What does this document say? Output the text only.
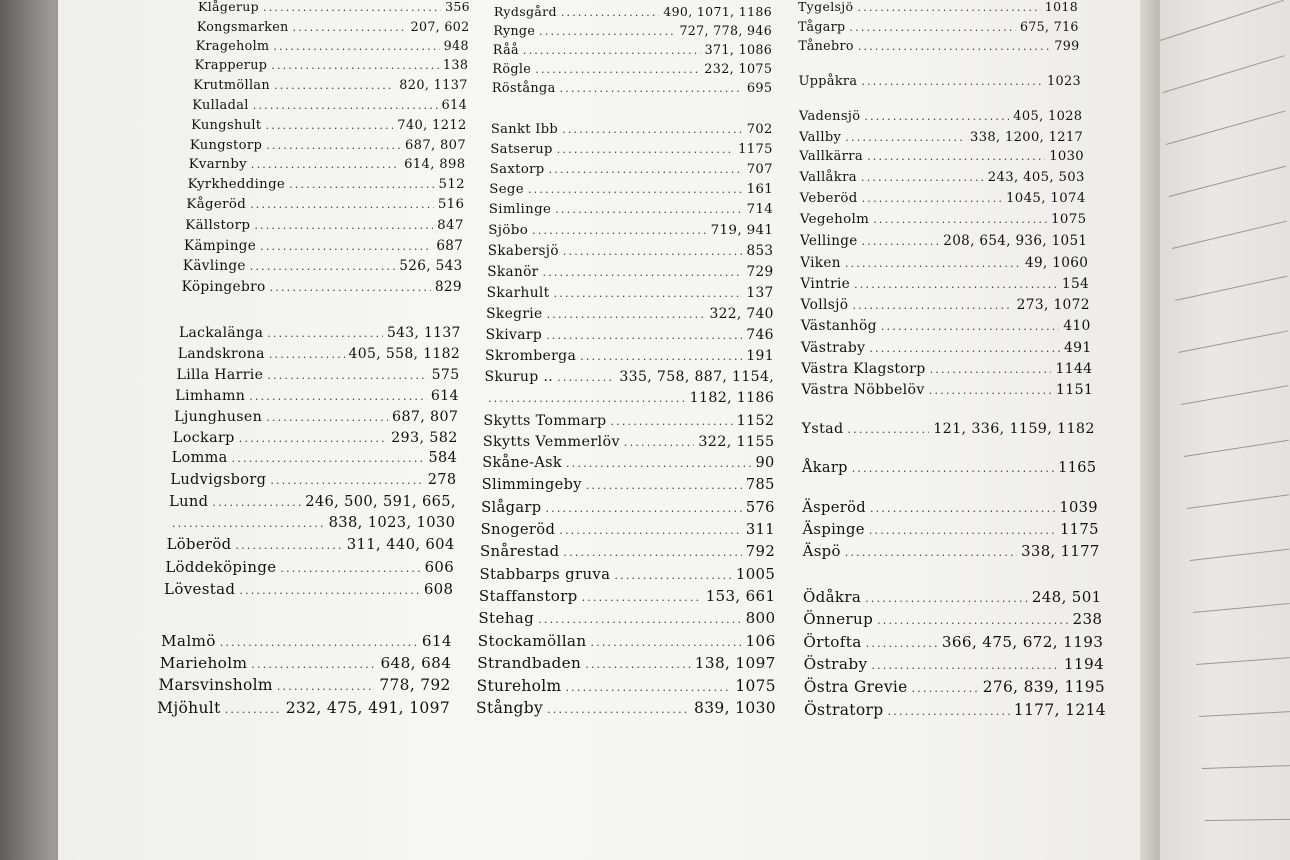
Klågerup .....	356
Kongsmarken .....	207, 602
Krageholm .....	948
Krapperup .....	138
Krutmöllan .....	820, 1137
Kulladal .....	614
Kungshult .....	740, 1212
Kungstorp .....	687, 807
Kvarnby .....	614, 898
Kyrkheddinge .....	512
Kågeröd .....	516
Källstorp .....	847
Kämpinge .....	687
Kävlinge .....	526, 543
Köpingebro .....	829
Lackalänga .....	543, 1137
Landskrona .....	405, 558, 1182
Lilla Harrie .....	575
Limhamn .....	614
Ljunghusen .....	687, 807
Lockarp .....	293, 582
Lomma .....	584
Ludvigsborg .....	278
Lund .....	246, 500, 591, 665,
.....
838, 1023, 1030
Löberöd .....	311, 440, 604
Löddeköpinge .....	606
Lövestad .....	608
Malmö .....	614
Marieholm .....	648, 684
Marsvinsholm .....	778, 792
Mjöhult .....	232, 475, 491, 1097
Rydsgård .....	490, 1071, 1186
Rynge .....	727, 778, 946
Råå .....	371, 1086
Rögle .....	232, 1075
Röstånga .....	695
Sankt Ibb .....	702
Satserup .....	1175
Saxtorp .....	707
Sege .....	161
Simlinge .....	714
Sjöbo .....	719, 941
Skabersjö .....	853
Skanör .....	729
Skarhult .....	137
Skegrie .....	322, 740
Skivarp .....	746
Skromberga .....	191
Skurup .. .....	335, 758, 887, 1154,
.....
1182, 1186
Skytts Tommarp .....	1152
Skytts Vemmerlöv .....	322, 1155
Skåne-Ask .....	90
Slimmingeby .....	785
Slågarp .....	576
Snogeröd .....	311
Snårestad .....	792
Stabbarps gruva .....	1005
Staffanstorp .....	153, 661
Stehag .....	800
Stockamöllan .....	106
Strandbaden .....	138, 1097
Stureholm .....	1075
Stångby .....	839, 1030
Tygelsjö .....	1018
Tågarp .....	675, 716
Tånebro .....	799
Uppåkra .....	1023
Vadensjö .....	405, 1028
Vallby .....	338, 1200, 1217
Vallkärra .....	1030
Vallåkra .....	243, 405, 503
Veberöd .....	1045, 1074
Vegeholm .....	1075
Vellinge .....	208, 654, 936, 1051
Viken .....	49, 1060
Vintrie .....	154
Vollsjö .....	273, 1072
Västanhög .....	410
Västraby .....	491
Västra Klagstorp .....	1144
Västra Nöbbelöv .....	1151
Ystad .....	121, 336, 1159, 1182
Åkarp .....	1165
Äsperöd .....	1039
Äspinge .....	1175
Äspö .....	338, 1177
Ödåkra .....	248, 501
Önnerup .....	238
Örtofta .....	366, 475, 672, 1193
Östraby .....	1194
Östra Grevie .....	276, 839, 1195
Östratorp .....	1177, 1214
